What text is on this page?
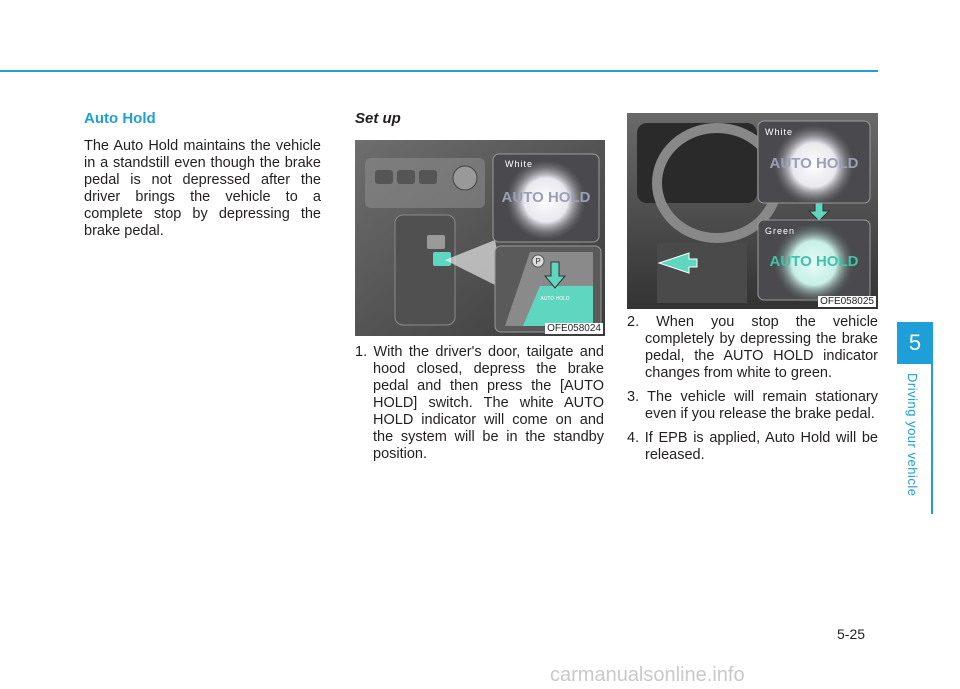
Auto Hold

The Auto Hold maintains the vehicle in a standstill even though the brake pedal is not depressed after the driver brings the vehicle to a complete stop by depressing the brake pedal.

Set up
White
AUTO HOLD
P
AUTO HOLD
OFE058024
White
AUTO HOLD
Green
AUTO HOLD
OFE058025

1. With the driver's door, tailgate and hood closed, depress the brake pedal and then press the [AUTO HOLD] switch. The white AUTO HOLD indicator will come on and the system will be in the standby position.

2. When you stop the vehicle completely by depressing the brake pedal, the AUTO HOLD indicator changes from white to green.

3. The vehicle will remain stationary even if you release the brake pedal.

4. If EPB is applied, Auto Hold will be released.

5
Driving your vehicle
5-25
carmanualsonline.info
